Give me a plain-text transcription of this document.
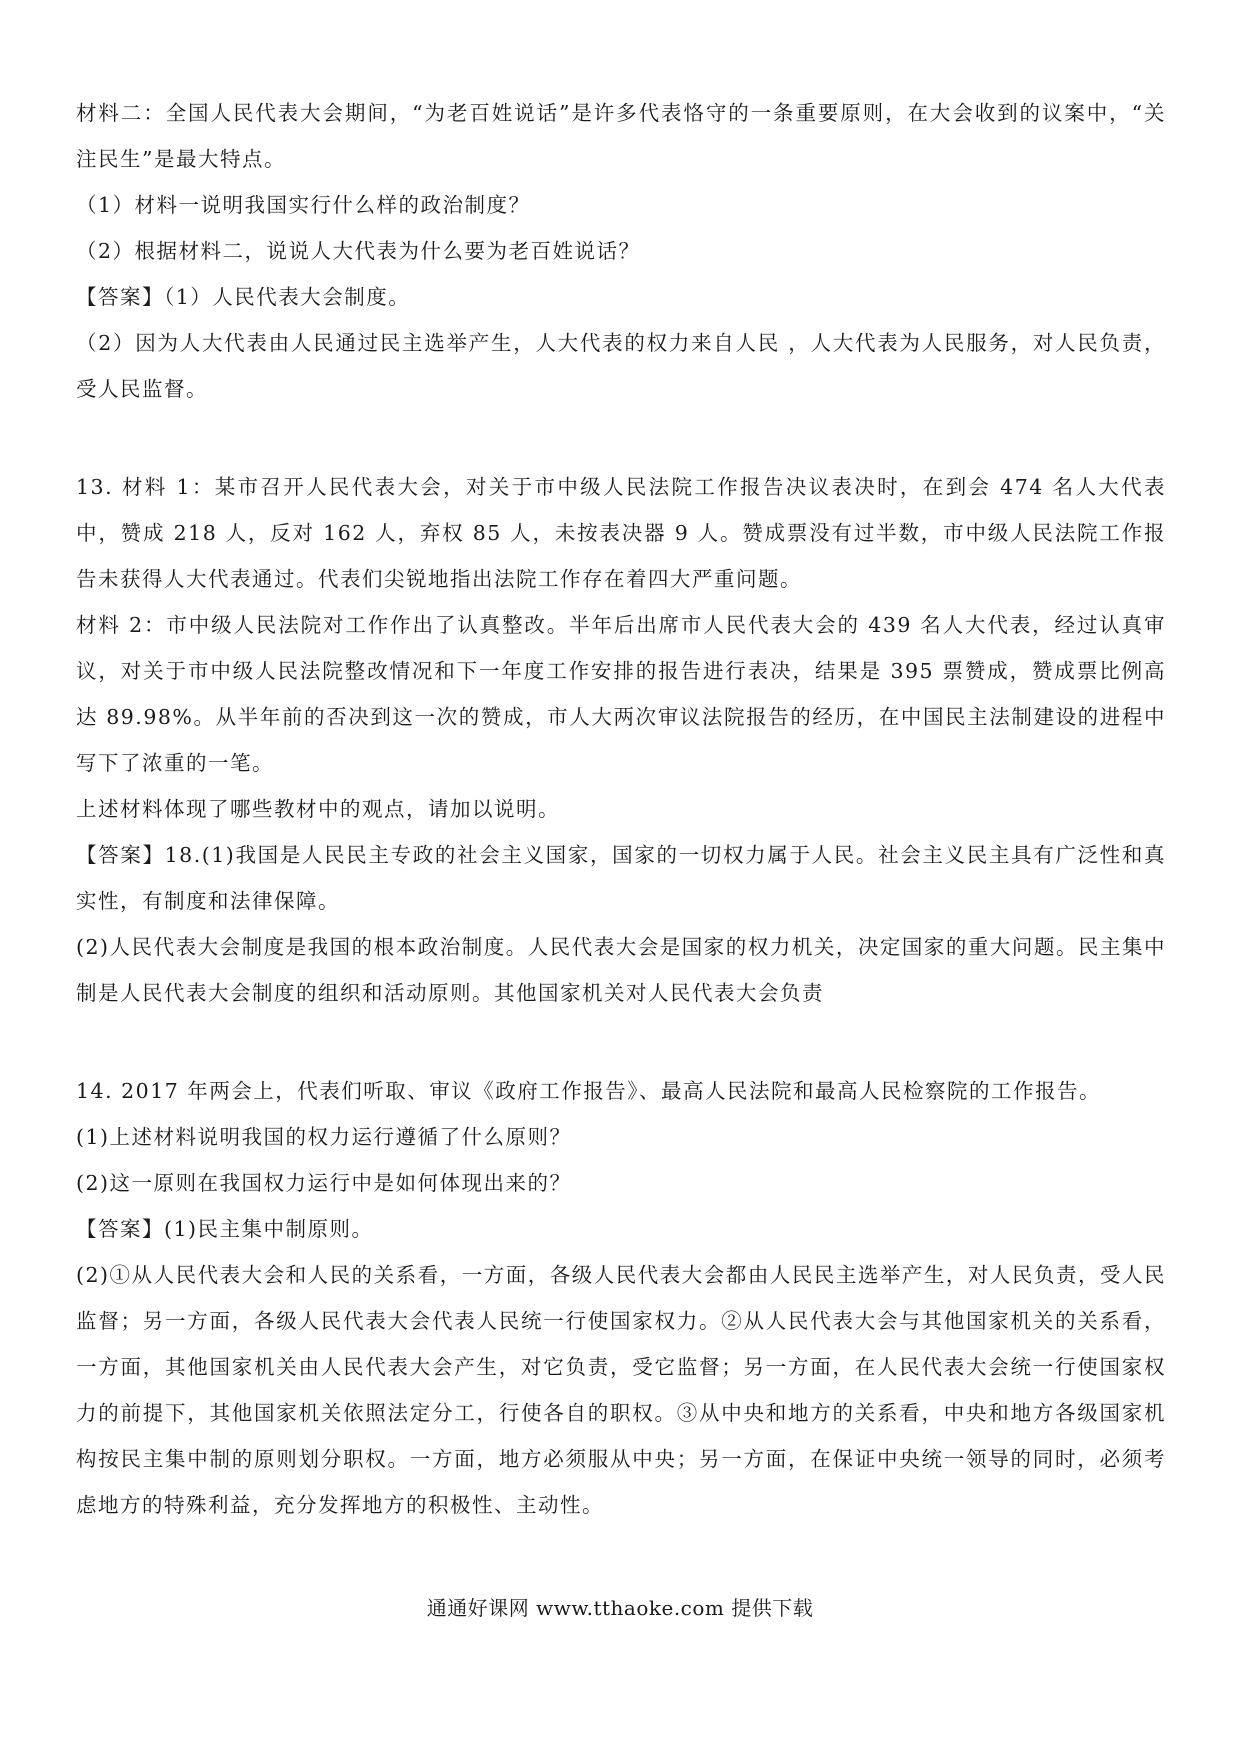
材料二：全国人民代表大会期间，“为老百姓说话”是许多代表恪守的一条重要原则，在大会收到的议案中，“关注民生”是最大特点。

（1）材料一说明我国实行什么样的政治制度？

（2）根据材料二，说说人大代表为什么要为老百姓说话？

【答案】（1）人民代表大会制度。

（2）因为人大代表由人民通过民主选举产生，人大代表的权力来自人民 ，人大代表为人民服务，对人民负责，受人民监督。

13. 材料 1：某市召开人民代表大会，对关于市中级人民法院工作报告决议表决时，在到会 474 名人大代表中，赞成 218 人，反对 162 人，弃权 85 人，未按表决器 9 人。赞成票没有过半数，市中级人民法院工作报告未获得人大代表通过。代表们尖锐地指出法院工作存在着四大严重问题。

材料 2：市中级人民法院对工作作出了认真整改。半年后出席市人民代表大会的 439 名人大代表，经过认真审议，对关于市中级人民法院整改情况和下一年度工作安排的报告进行表决，结果是 395 票赞成，赞成票比例高达 89.98%。从半年前的否决到这一次的赞成，市人大两次审议法院报告的经历，在中国民主法制建设的进程中写下了浓重的一笔。

上述材料体现了哪些教材中的观点，请加以说明。

【答案】18.(1)我国是人民民主专政的社会主义国家，国家的一切权力属于人民。社会主义民主具有广泛性和真实性，有制度和法律保障。

(2)人民代表大会制度是我国的根本政治制度。人民代表大会是国家的权力机关，决定国家的重大问题。民主集中制是人民代表大会制度的组织和活动原则。其他国家机关对人民代表大会负责

14. 2017 年两会上，代表们听取、审议《政府工作报告》、最高人民法院和最高人民检察院的工作报告。

(1)上述材料说明我国的权力运行遵循了什么原则？

(2)这一原则在我国权力运行中是如何体现出来的？

【答案】(1)民主集中制原则。

(2)①从人民代表大会和人民的关系看，一方面，各级人民代表大会都由人民民主选举产生，对人民负责，受人民监督；另一方面，各级人民代表大会代表人民统一行使国家权力。②从人民代表大会与其他国家机关的关系看，一方面，其他国家机关由人民代表大会产生，对它负责，受它监督；另一方面，在人民代表大会统一行使国家权力的前提下，其他国家机关依照法定分工，行使各自的职权。③从中央和地方的关系看，中央和地方各级国家机构按民主集中制的原则划分职权。一方面，地方必须服从中央；另一方面，在保证中央统一领导的同时，必须考虑地方的特殊利益，充分发挥地方的积极性、主动性。

通通好课网 www.tthaoke.com 提供下载
